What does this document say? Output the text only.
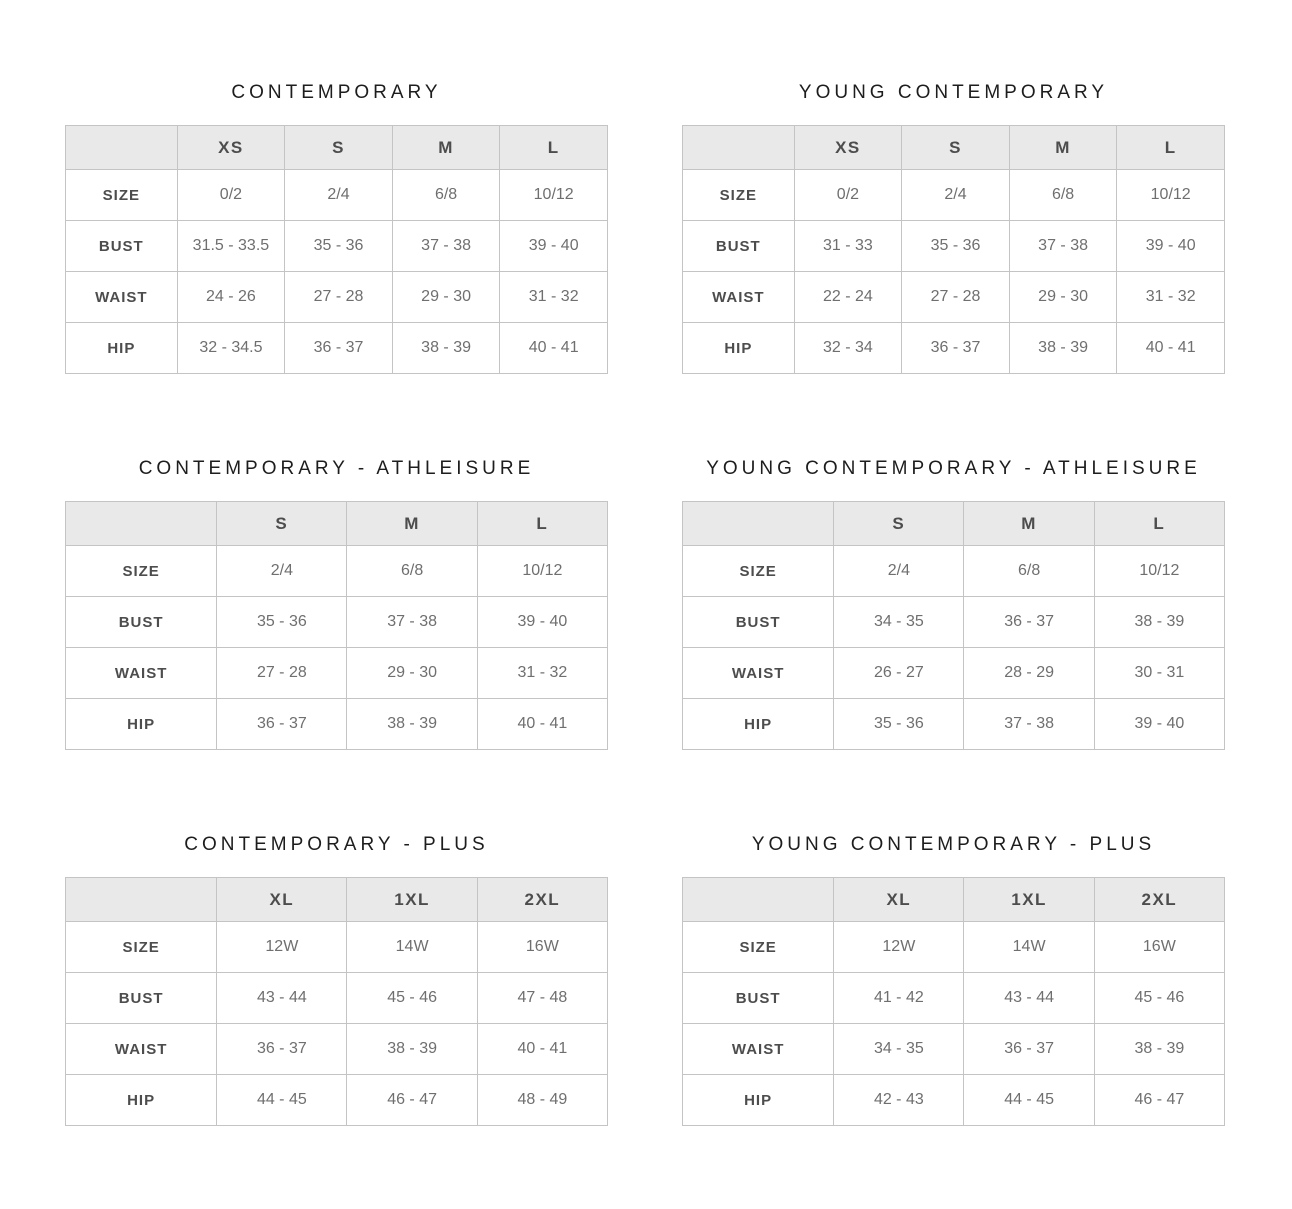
CONTEMPORARY
	XS	S	M	L
SIZE	0/2	2/4	6/8	10/12
BUST	31.5 - 33.5	35 - 36	37 - 38	39 - 40
WAIST	24 - 26	27 - 28	29 - 30	31 - 32
HIP	32 - 34.5	36 - 37	38 - 39	40 - 41
YOUNG CONTEMPORARY
	XS	S	M	L
SIZE	0/2	2/4	6/8	10/12
BUST	31 - 33	35 - 36	37 - 38	39 - 40
WAIST	22 - 24	27 - 28	29 - 30	31 - 32
HIP	32 - 34	36 - 37	38 - 39	40 - 41
CONTEMPORARY - ATHLEISURE
	S	M	L
SIZE	2/4	6/8	10/12
BUST	35 - 36	37 - 38	39 - 40
WAIST	27 - 28	29 - 30	31 - 32
HIP	36 - 37	38 - 39	40 - 41
YOUNG CONTEMPORARY - ATHLEISURE
	S	M	L
SIZE	2/4	6/8	10/12
BUST	34 - 35	36 - 37	38 - 39
WAIST	26 - 27	28 - 29	30 - 31
HIP	35 - 36	37 - 38	39 - 40
CONTEMPORARY - PLUS
	XL	1XL	2XL
SIZE	12W	14W	16W
BUST	43 - 44	45 - 46	47 - 48
WAIST	36 - 37	38 - 39	40 - 41
HIP	44 - 45	46 - 47	48 - 49
YOUNG CONTEMPORARY - PLUS
	XL	1XL	2XL
SIZE	12W	14W	16W
BUST	41 - 42	43 - 44	45 - 46
WAIST	34 - 35	36 - 37	38 - 39
HIP	42 - 43	44 - 45	46 - 47
